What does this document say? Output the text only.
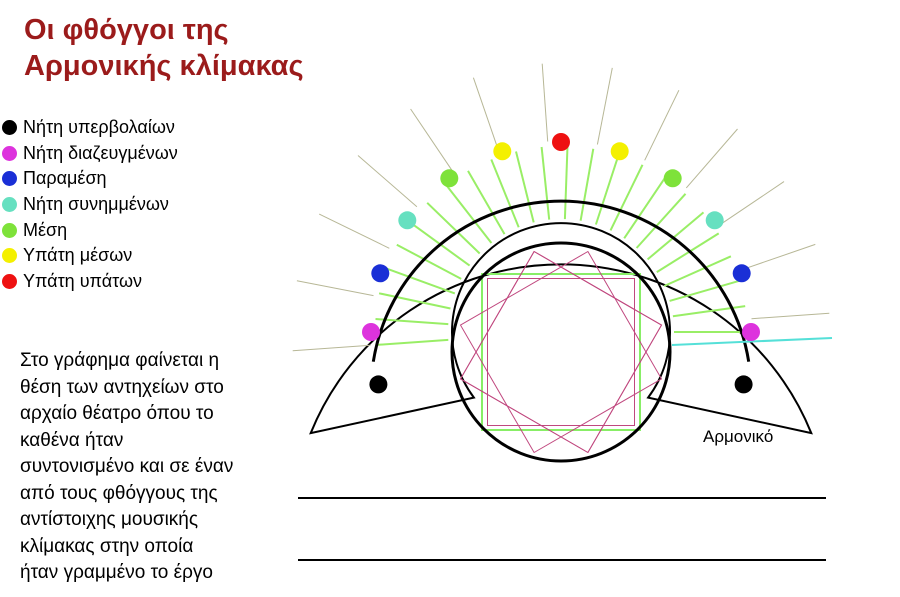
Οι φθόγγοι της
Αρμονικής κλίμακας
Νήτη υπερβολαίων
Νήτη διαζευγμένων
Παραμέση
Νήτη συνημμένων
Μέση
Υπάτη μέσων
Υπάτη υπάτων
Στο γράφημα φαίνεται η
θέση των αντηχείων στο
αρχαίο θέατρο όπου το
καθένα ήταν
συντονισμένο και σε έναν
από τους φθόγγους της
αντίστοιχης μουσικής
κλίμακας στην οποία
ήταν γραμμένο το έργο
Αρμονικό
